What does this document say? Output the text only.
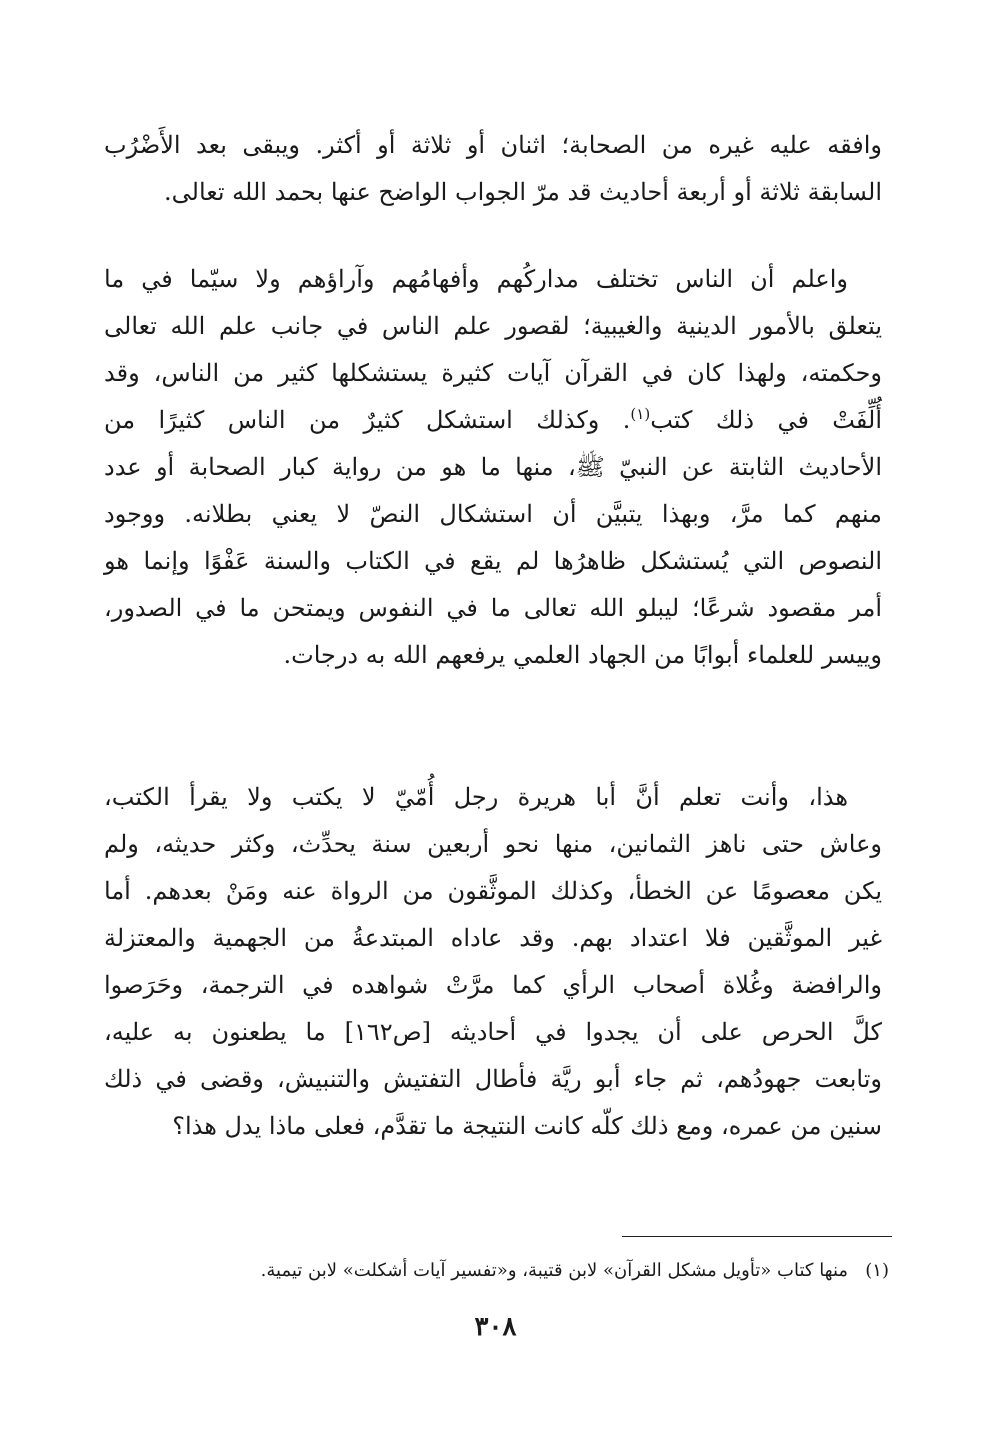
وافقه عليه غيره من الصحابة؛ اثنان أو ثلاثة أو أكثر. ويبقى بعد الأَضْرُب
السابقة ثلاثة أو أربعة أحاديث قد مرّ الجواب الواضح عنها بحمد الله تعالى.
واعلم أن الناس تختلف مداركُهم وأفهامُهم وآراؤهم ولا سيّما في ما
يتعلق بالأمور الدينية والغيبية؛ لقصور علم الناس في جانب علم الله تعالى
وحكمته، ولهذا كان في القرآن آيات كثيرة يستشكلها كثير من الناس، وقد
أُلِّفَتْ في ذلك كتب$^{(١)}$. وكذلك استشكل كثيرٌ من الناس كثيرًا من
الأحاديث الثابتة عن النبيّ ﷺ، منها ما هو من رواية كبار الصحابة أو عدد
منهم كما مرَّ، وبهذا يتبيَّن أن استشكال النصّ لا يعني بطلانه. ووجود
النصوص التي يُستشكل ظاهرُها لم يقع في الكتاب والسنة عَفْوًا وإنما هو
أمر مقصود شرعًا؛ ليبلو الله تعالى ما في النفوس ويمتحن ما في الصدور،
وييسر للعلماء أبوابًا من الجهاد العلمي يرفعهم الله به درجات.
هذا، وأنت تعلم أنَّ أبا هريرة رجل أُمّيّ لا يكتب ولا يقرأ الكتب،
وعاش حتى ناهز الثمانين، منها نحو أربعين سنة يحدِّث، وكثر حديثه، ولم
يكن معصومًا عن الخطأ، وكذلك الموثَّقون من الرواة عنه ومَنْ بعدهم. أما
غير الموثَّقين فلا اعتداد بهم. وقد عاداه المبتدعةُ من الجهمية والمعتزلة
والرافضة وغُلاة أصحاب الرأي كما مرَّتْ شواهده في الترجمة، وحَرَصوا
كلَّ الحرص على أن يجدوا في أحاديثه [ص١٦٢] ما يطعنون به عليه،
وتابعت جهودُهم، ثم جاء أبو ريَّة فأطال التفتيش والتنبيش، وقضى في ذلك
سنين من عمره، ومع ذلك كلّه كانت النتيجة ما تقدَّم، فعلى ماذا يدل هذا؟
(١)   منها كتاب «تأويل مشكل القرآن» لابن قتيبة، و«تفسير آيات أشكلت» لابن تيمية.
٣٠٨
